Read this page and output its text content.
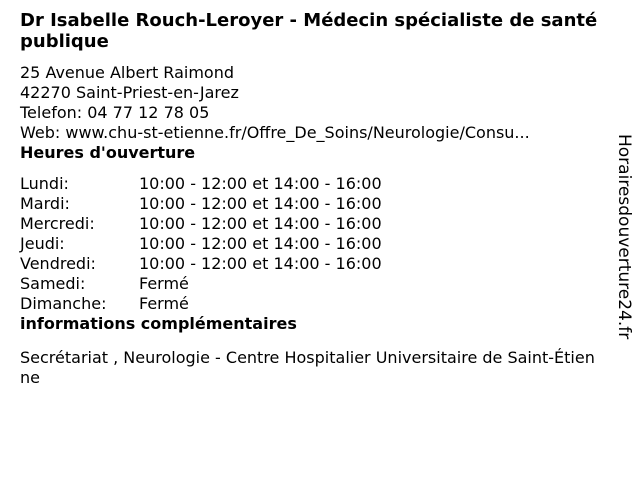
Dr Isabelle Rouch-Leroyer - Médecin spécialiste de santé publique
25 Avenue Albert Raimond
42270 Saint-Priest-en-Jarez
Telefon: 04 77 12 78 05
Web: www.chu-st-etienne.fr/Offre_De_Soins/Neurologie/Consu...
Heures d'ouverture
Lundi:	10:00 - 12:00 et 14:00 - 16:00
Mardi:	10:00 - 12:00 et 14:00 - 16:00
Mercredi:	10:00 - 12:00 et 14:00 - 16:00
Jeudi:	10:00 - 12:00 et 14:00 - 16:00
Vendredi:	10:00 - 12:00 et 14:00 - 16:00
Samedi:	Fermé
Dimanche:	Fermé
informations complémentaires
Secrétariat , Neurologie - Centre Hospitalier Universitaire de Saint-Étienne
Horairesdouverture24.fr
